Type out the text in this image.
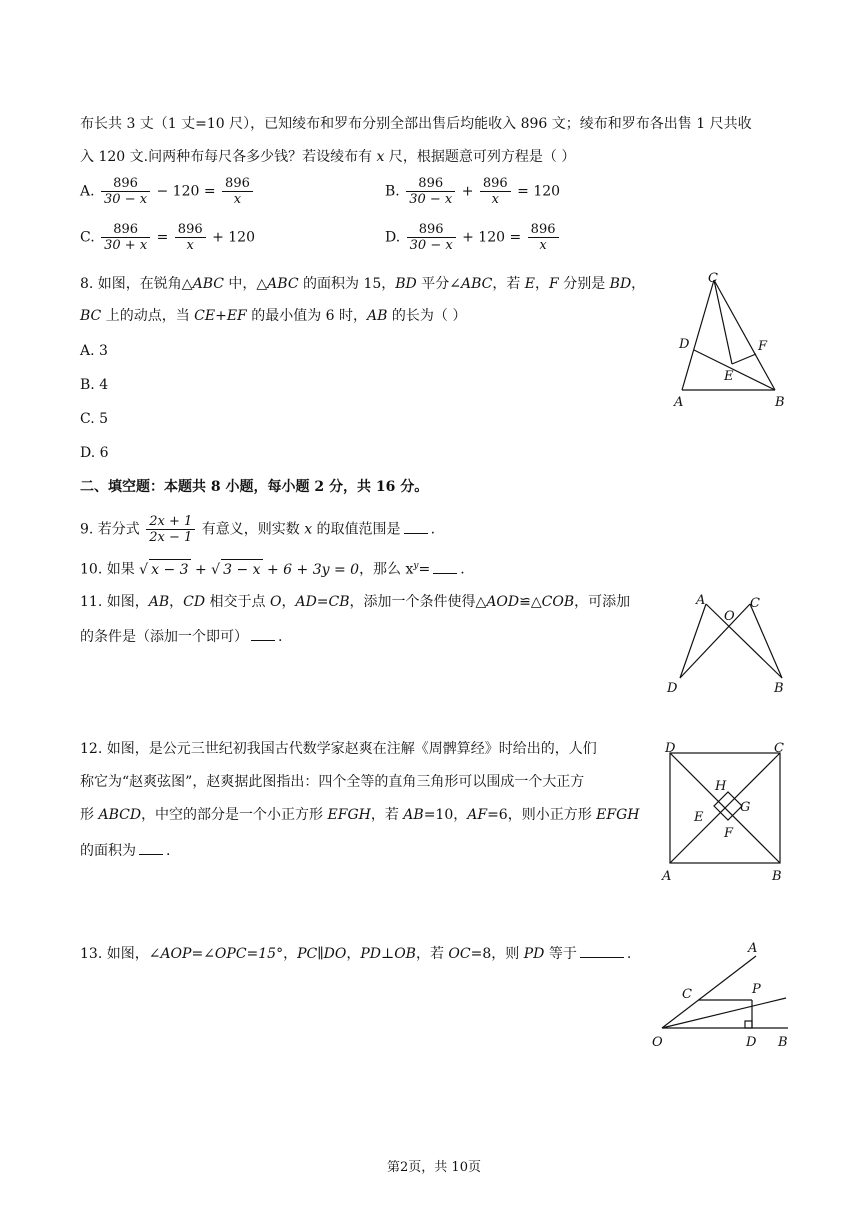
布长共 3 丈（1 丈=10 尺），已知绫布和罗布分别全部出售后均能收入 896 文；绫布和罗布各出售 1 尺共收
入 120 文.问两种布每尺各多少钱？若设绫布有 x 尺，根据题意可列方程是（ ）
A. $\frac{896}{30 - x} - 120 = \frac{896}{x}$	B. $\frac{896}{30 - x} + \frac{896}{x} = 120$
C. $\frac{896}{30 + x} = \frac{896}{x} + 120$	D. $\frac{896}{30 - x} + 120 = \frac{896}{x}$
8. 如图，在锐角△ABC 中，△ABC 的面积为 15，BD 平分∠ABC，若 E，F 分别是 BD，
BC 上的动点，当 CE+EF 的最小值为 6 时，AB 的长为（ ）
A. 3
B. 4
C. 5
D. 6
C
D	F
E
A	B
二、填空题：本题共 8 小题，每小题 2 分，共 16 分。
9. 若分式 $\frac{2x + 1}{2x - 1}$ 有意义，则实数 x 的取值范围是 .
10. 如果 √ x − 3 + √ 3 − x + 6 + 3y = 0，那么 $x^y=$ .
11. 如图，AB，CD 相交于点 O，AD=CB，添加一个条件使得△AOD≌△COB，可添加
的条件是（添加一个即可） .
A
O
C
D	B
12. 如图，是公元三世纪初我国古代数学家赵爽在注解《周髀算经》时给出的，人们
称它为“赵爽弦图”，赵爽据此图指出：四个全等的直角三角形可以围成一个大正方
形 ABCD，中空的部分是一个小正方形 EFGH，若 AB=10，AF=6，则小正方形 EFGH
的面积为 .
D	C
A	B
H
G
E
F
13. 如图，∠AOP=∠OPC=15°，PC∥DO，PD⊥OB，若 OC=8，则 PD 等于	.	A
C	P
O	D B
第2页，共 10页
